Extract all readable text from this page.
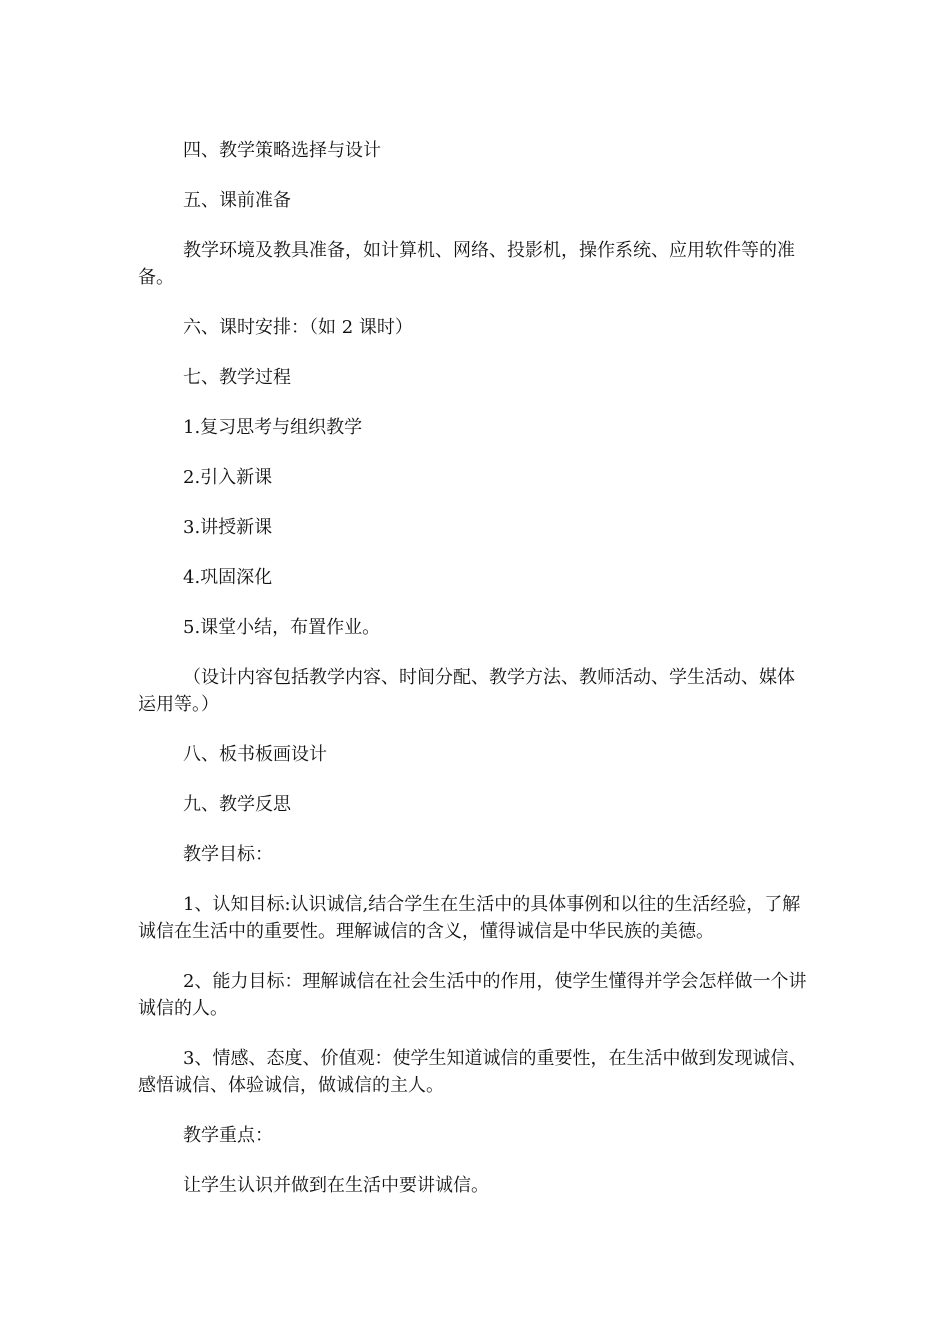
四、教学策略选择与设计

五、课前准备

教学环境及教具准备，如计算机、网络、投影机，操作系统、应用软件等的准备。

六、课时安排：（如 2 课时）

七、教学过程

1.复习思考与组织教学

2.引入新课

3.讲授新课

4.巩固深化

5.课堂小结，布置作业。

（设计内容包括教学内容、时间分配、教学方法、教师活动、学生活动、媒体运用等。）

八、板书板画设计

九、教学反思

教学目标：

1、认知目标:认识诚信,结合学生在生活中的具体事例和以往的生活经验，了解诚信在生活中的重要性。理解诚信的含义，懂得诚信是中华民族的美德。

2、能力目标：理解诚信在社会生活中的作用，使学生懂得并学会怎样做一个讲诚信的人。

3、情感、态度、价值观：使学生知道诚信的重要性，在生活中做到发现诚信、感悟诚信、体验诚信，做诚信的主人。

教学重点：

让学生认识并做到在生活中要讲诚信。
